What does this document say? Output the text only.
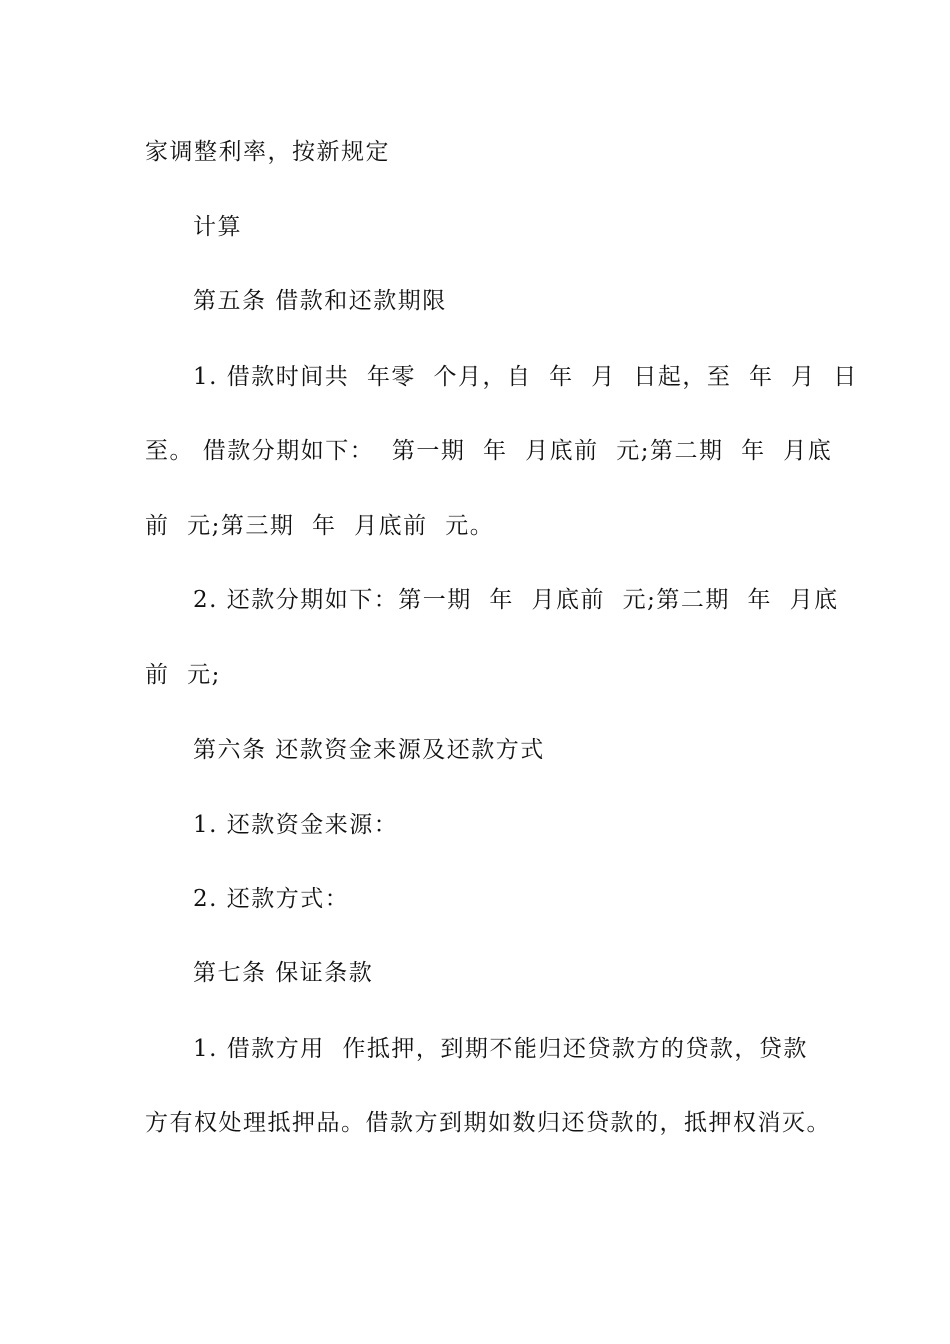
家调整利率，按新规定
计算
第五条 借款和还款期限
1. 借款时间共  年零  个月，自  年  月  日起，至  年  月  日
至。 借款分期如下：  第一期  年  月底前  元;第二期  年  月底
前  元;第三期  年  月底前  元。
2. 还款分期如下：第一期  年  月底前  元;第二期  年  月底
前  元;
第六条 还款资金来源及还款方式
1. 还款资金来源：
2. 还款方式：
第七条 保证条款
1. 借款方用  作抵押，到期不能归还贷款方的贷款，贷款
方有权处理抵押品。借款方到期如数归还贷款的，抵押权消灭。
